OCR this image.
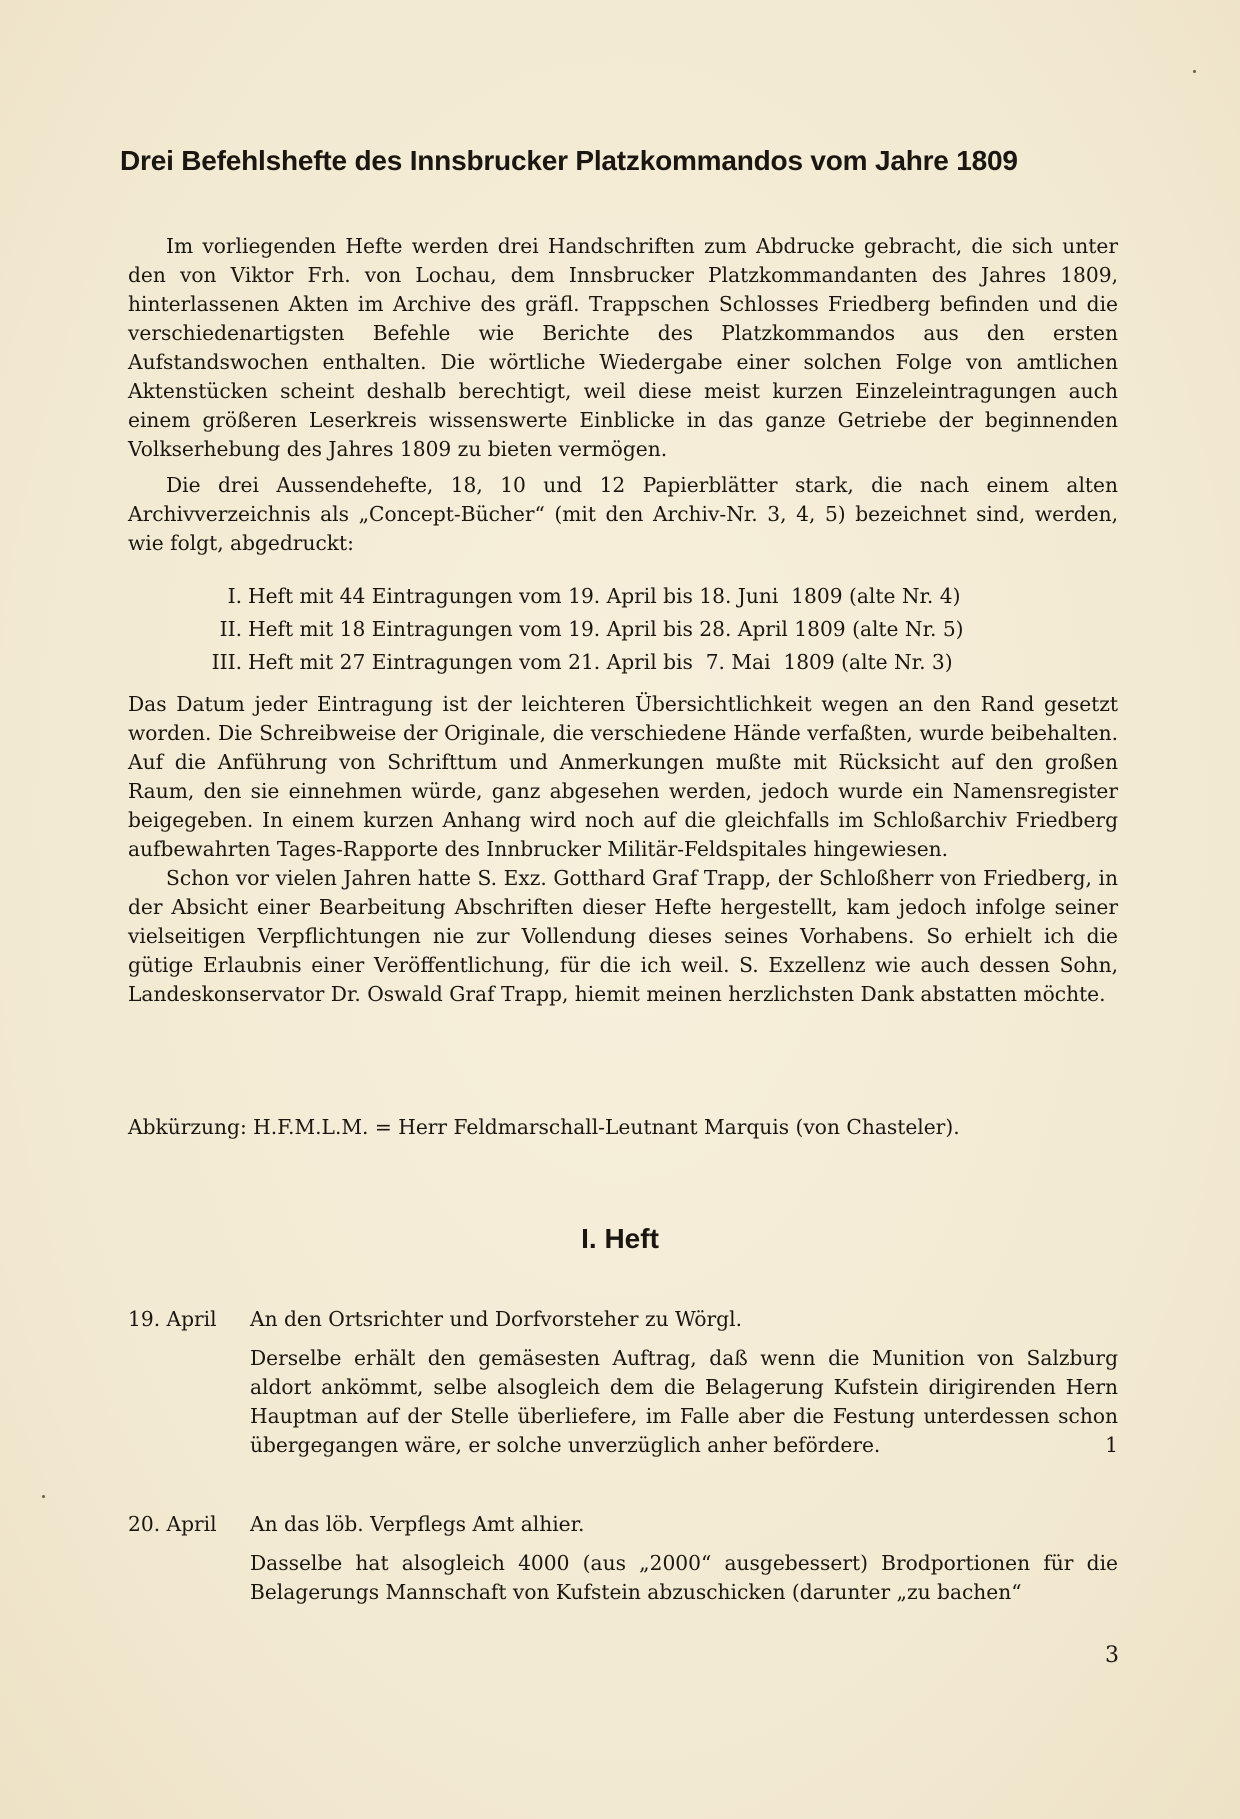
Drei Befehlshefte des Innsbrucker Platzkommandos vom Jahre 1809

Im vorliegenden Hefte werden drei Handschriften zum Abdrucke gebracht, die sich unter den von Viktor Frh. von Lochau, dem Innsbrucker Platzkommandanten des Jahres 1809, hinterlassenen Akten im Archive des gräfl. Trappschen Schlosses Friedberg befinden und die verschiedenartigsten Befehle wie Berichte des Platzkommandos aus den ersten Aufstandswochen enthalten. Die wörtliche Wiedergabe einer solchen Folge von amtlichen Aktenstücken scheint deshalb berechtigt, weil diese meist kurzen Einzeleintragungen auch einem größeren Leserkreis wissenswerte Einblicke in das ganze Getriebe der beginnenden Volkserhebung des Jahres 1809 zu bieten vermögen.

Die drei Aussendehefte, 18, 10 und 12 Papierblätter stark, die nach einem alten Archivverzeichnis als „Concept-Bücher“ (mit den Archiv-Nr. 3, 4, 5) bezeichnet sind, werden, wie folgt, abgedruckt:

I. Heft mit 44 Eintragungen vom 19. April bis 18. Juni  1809 (alte Nr. 4)
II. Heft mit 18 Eintragungen vom 19. April bis 28. April 1809 (alte Nr. 5)
III. Heft mit 27 Eintragungen vom 21. April bis  7. Mai  1809 (alte Nr. 3)

Das Datum jeder Eintragung ist der leichteren Übersichtlichkeit wegen an den Rand gesetzt worden. Die Schreibweise der Originale, die verschiedene Hände verfaßten, wurde beibehalten. Auf die Anführung von Schrifttum und Anmerkungen mußte mit Rücksicht auf den großen Raum, den sie einnehmen würde, ganz abgesehen werden, jedoch wurde ein Namensregister beigegeben. In einem kurzen Anhang wird noch auf die gleichfalls im Schloßarchiv Friedberg aufbewahrten Tages-Rapporte des Innbrucker Militär-Feldspitales hingewiesen.

Schon vor vielen Jahren hatte S. Exz. Gotthard Graf Trapp, der Schloßherr von Friedberg, in der Absicht einer Bearbeitung Abschriften dieser Hefte hergestellt, kam jedoch infolge seiner vielseitigen Verpflichtungen nie zur Vollendung dieses seines Vorhabens. So erhielt ich die gütige Erlaubnis einer Veröffentlichung, für die ich weil. S. Exzellenz wie auch dessen Sohn, Landeskonservator Dr. Oswald Graf Trapp, hiemit meinen herzlichsten Dank abstatten möchte.

Abkürzung: H.F.M.L.M. = Herr Feldmarschall-Leutnant Marquis (von Chasteler).
I. Heft
19. April An den Ortsrichter und Dorfvorsteher zu Wörgl.
Derselbe erhält den gemäsesten Auftrag, daß wenn die Munition von Salzburg aldort ankömmt, selbe alsogleich dem die Belagerung Kufstein dirigirenden Hern Hauptman auf der Stelle überliefere, im Falle aber die Festung unterdessen schon übergegangen wäre, er solche unverzüglich anher befördere.	1
20. April An das löb. Verpflegs Amt alhier.
Dasselbe hat alsogleich 4000 (aus „2000“ ausgebessert) Brodportionen für die Belagerungs Mannschaft von Kufstein abzuschicken (darunter „zu bachen“
3
